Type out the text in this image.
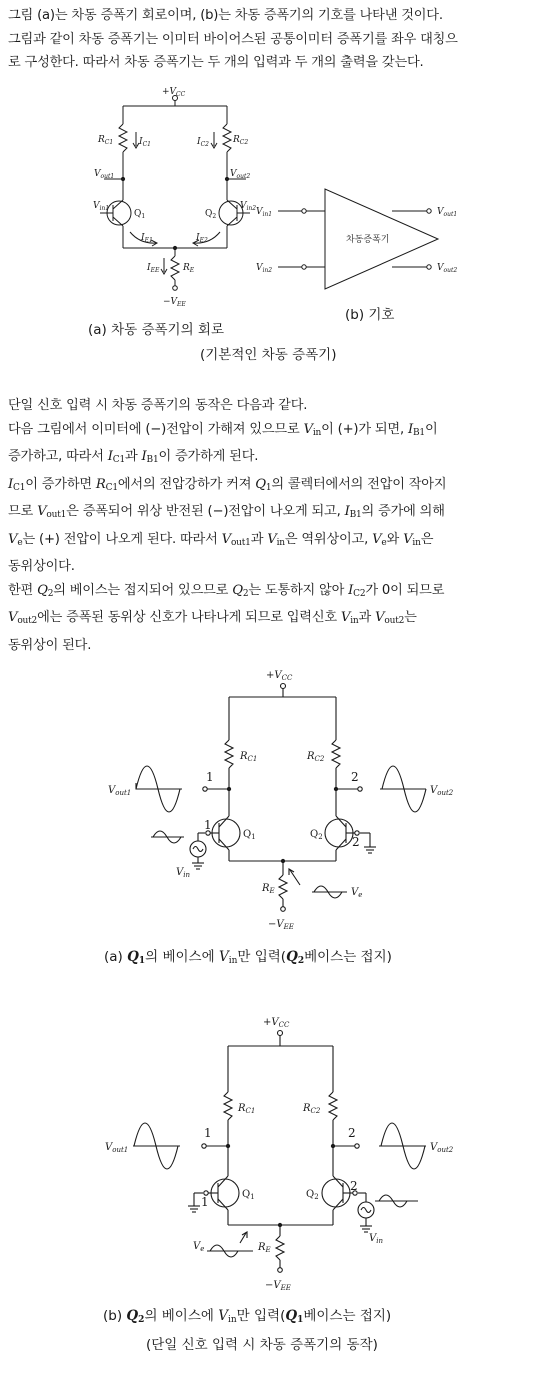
그림 (a)는 차동 증폭기 회로이며, (b)는 차동 증폭기의 기호를 나타낸 것이다.

그림과 같이 차동 증폭기는 이미터 바이어스된 공통이미터 증폭기를 좌우 대칭으

로 구성한다. 따라서 차동 증폭기는 두 개의 입력과 두 개의 출력을 갖는다.

$+V_{CC}$
$R_{C1}$	$R_{C2}$
$I_{C1}$	$I_{C2}$
$V_{out1}$	$V_{out2}$
$V_{in1}$	$V_{in2}$
$Q_1$	$Q_2$
$I_{E1}$	$I_{E2}$
$I_{EE}$	$R_E$
$-V_{EE}$
$V_{in1}$
$V_{in2}$
$V_{out1}$
$V_{out2}$
차동증폭기
(a) 차동 증폭기의 회로
(b) 기호
(기본적인 차동 증폭기)

단일 신호 입력 시 차동 증폭기의 동작은 다음과 같다.

다음 그림에서 이미터에 (−)전압이 가해져 있으므로 Vin이 (+)가 되면, IB1이

증가하고, 따라서 IC1과 IB1이 증가하게 된다.

IC1이 증가하면 RC1에서의 전압강하가 커져 Q1의 콜렉터에서의 전압이 작아지

므로 Vout1은 증폭되어 위상 반전된 (−)전압이 나오게 되고, IB1의 증가에 의해

Ve는 (+) 전압이 나오게 된다. 따라서 Vout1과 Vin은 역위상이고, Ve와 Vin은

동위상이다.

한편 Q2의 베이스는 접지되어 있으므로 Q2는 도통하지 않아 IC2가 0이 되므로

Vout2에는 증폭된 동위상 신호가 나타나게 되므로 입력신호 Vin과 Vout2는

동위상이 된다.

$+V_{CC}$
$R_{C1}$	$R_{C2}$
$V_{out1}$	$V_{out2}$
1	2
1
2
$Q_1$	$Q_2$
$V_{in}$
$R_E$	$V_e$
$-V_{EE}$
(a) Q1의 베이스에 Vin만 입력(Q2베이스는 접지)
$+V_{CC}$
$R_{C1}$	$R_{C2}$
$V_{out1}$	$V_{out2}$
1	2
1
2
$Q_1$	$Q_2$
$V_{in}$
$R_E$
$V_e$
$-V_{EE}$
(b) Q2의 베이스에 Vin만 입력(Q1베이스는 접지)
(단일 신호 입력 시 차동 증폭기의 동작)
